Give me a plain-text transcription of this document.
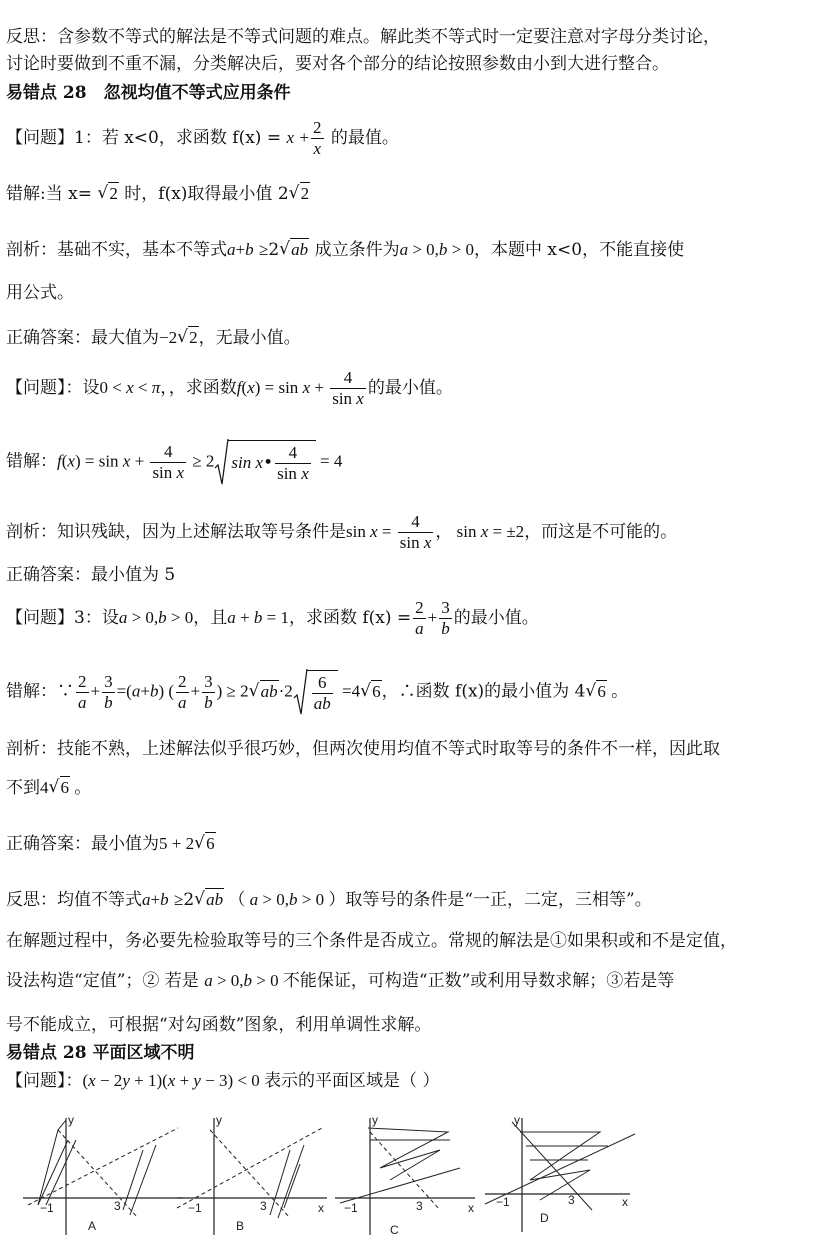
反思：含参数不等式的解法是不等式问题的难点。解此类不等式时一定要注意对字母分类讨论，
讨论时要做到不重不漏，分类解决后，要对各个部分的结论按照参数由小到大进行整合。
易错点 28　忽视均值不等式应用条件
【问题】1：若 x<0，求函数 $f(x) = x + \frac{2}{x}$ 的最值。
错解:当 x= √ 2 时，f(x)取得最小值 2 √ 2
剖析：基础不实，基本不等式a+b ≥2 √ ab 成立条件为a > 0,b > 0，本题中 x<0，不能直接使
用公式。
正确答案：最大值为−2 √ 2，无最小值。
【问题】：设0 < x < π，，求函数$f(x) = \sin x + \frac{4}{\text{sin x}}$ 的最小值。
错解：$f(x) = \sin x + \frac{4}{\text{sin x}} \ge 2$ sin x• $\frac{4}{\text{sin x}} = 4$
剖析：知识残缺，因为上述解法取等号条件是$\sin x = \frac{4}{\text{sin x}}$ ， sin x = ±2，而这是不可能的。
正确答案：最小值为 5
【问题】3：设a > 0,b > 0，且a + b = 1，求函数 $f(x) = \frac{2}{a} + \frac{3}{b}$ 的最小值。
错解：∵ $\frac{2}{a} + \frac{3}{b} =(a+b)$ ( $\frac{2}{a} + \frac{3}{b}$ ) ≥ 2 √ $ab\cdot 2 \frac{6}{ab} =4$ √ 6，∴函数 f(x)的最小值为 4 √ 6 。
剖析：技能不熟，上述解法似乎很巧妙，但两次使用均值不等式时取等号的条件不一样，因此取
不到4 √ 6 。
正确答案：最小值为5 + 2 √ 6
反思：均值不等式a+b ≥2 √ ab （ a > 0,b > 0 ）取等号的条件是“一正，二定，三相等”。
在解题过程中，务必要先检验取等号的三个条件是否成立。常规的解法是①如果积或和不是定值，
设法构造“定值”；② 若是 a > 0,b > 0 不能保证，可构造“正数”或利用导数求解；③若是等
号不能成立，可根据“对勾函数”图象，利用单调性求解。
易错点 28 平面区域不明
【问题】：(x − 2y + 1)(x + y − 3) < 0 表示的平面区域是（ ）
y
−1	3
A
y
x
−1	3
B
y
x
−1	3
C
y
x
−1	3
D
